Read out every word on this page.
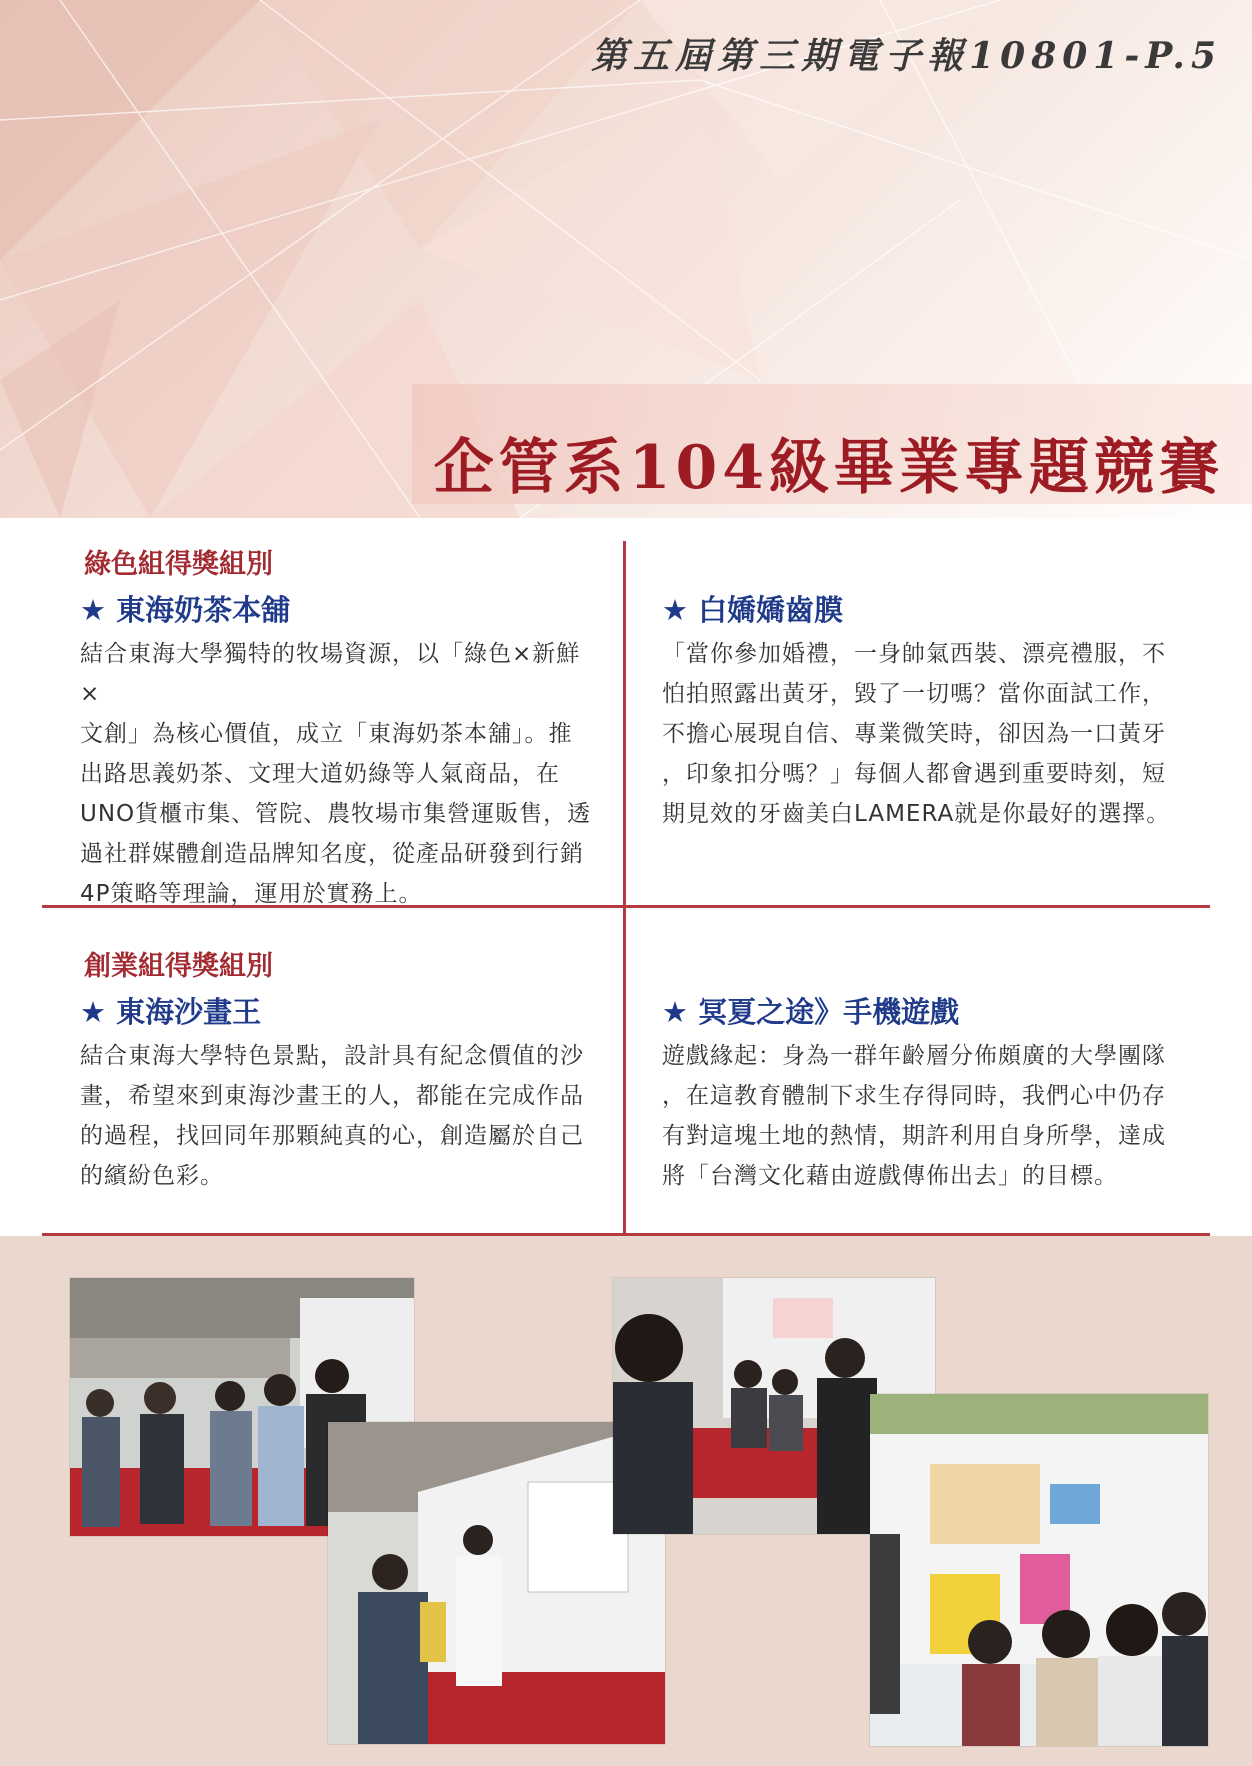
第五屆第三期電子報10801-P.5
企管系104級畢業專題競賽
綠色組得獎組別
★ 東海奶茶本舖
結合東海大學獨特的牧場資源，以「綠色×新鮮×
文創」為核心價值，成立「東海奶茶本舖」。推
出路思義奶茶、文理大道奶綠等人氣商品，在
UNO貨櫃市集、管院、農牧場市集營運販售，透
過社群媒體創造品牌知名度，從產品研發到行銷
4P策略等理論，運用於實務上。
★ 白嬌嬌齒膜
「當你參加婚禮，一身帥氣西裝、漂亮禮服，不
怕拍照露出黃牙，毀了一切嗎？當你面試工作，
不擔心展現自信、專業微笑時，卻因為一口黃牙
，印象扣分嗎？」每個人都會遇到重要時刻，短
期見效的牙齒美白LAMERA就是你最好的選擇。
創業組得獎組別
★ 東海沙畫王
結合東海大學特色景點，設計具有紀念價值的沙
畫，希望來到東海沙畫王的人，都能在完成作品
的過程，找回同年那顆純真的心，創造屬於自己
的繽紛色彩。
★ 冥夏之途》手機遊戲
遊戲緣起：身為一群年齡層分佈頗廣的大學團隊
，在這教育體制下求生存得同時，我們心中仍存
有對這塊土地的熱情，期許利用自身所學，達成
將「台灣文化藉由遊戲傳佈出去」的目標。
